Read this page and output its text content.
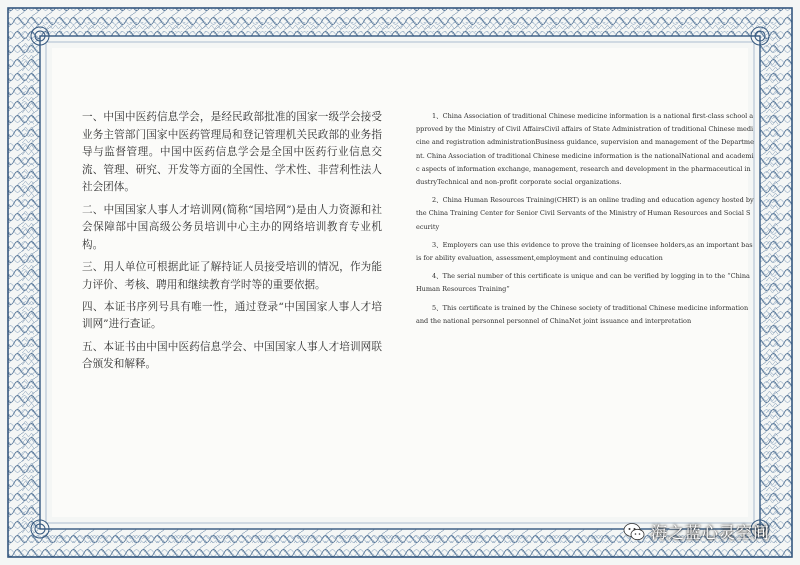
一、中国中医药信息学会，是经民政部批准的国家一级学会接受业务主管部门国家中医药管理局和登记管理机关民政部的业务指导与监督管理。中国中医药信息学会是全国中医药行业信息交流、管理、研究、开发等方面的全国性、学术性、非营利性法人社会团体。

二、中国国家人事人才培训网(简称“国培网”)是由人力资源和社会保障部中国高级公务员培训中心主办的网络培训教育专业机构。

三、用人单位可根据此证了解持证人员接受培训的情况，作为能力评价、考核、聘用和继续教育学时等的重要依据。

四、本证书序列号具有唯一性，通过登录“中国国家人事人才培训网”进行查证。

五、本证书由中国中医药信息学会、中国国家人事人才培训网联合颁发和解释。

1、China Association of traditional Chinese medicine information is a national first-class school approved by the Ministry of Civil AffairsCivil affairs of State Administration of traditional Chinese medicine and registration administrationBusiness guidance, supervision and management of the Department. China Association of traditional Chinese medicine information is the nationalNational and academic aspects of information exchange, management, research and development in the pharmaceutical industryTechnical and non-profit corporate social organizations.

2、China Human Resources Training(CHRT) is an online trading and education agency hosted by the China Training Center for Senior Civil Servants of the Ministry of Human Resources and Social Security

3、Employers can use this evidence to prove the training of licensee holders,as an important basis for ability evaluation, assessment,employment and continuing education

4、The serial number of this certificate is unique and can be verified by logging in to the “China Human Resources Training”

5、This certificate is trained by the Chinese society of traditional Chinese medicine information and the national personnel personnel of ChinaNet joint issuance and interpretation

海之蓝心灵空间
